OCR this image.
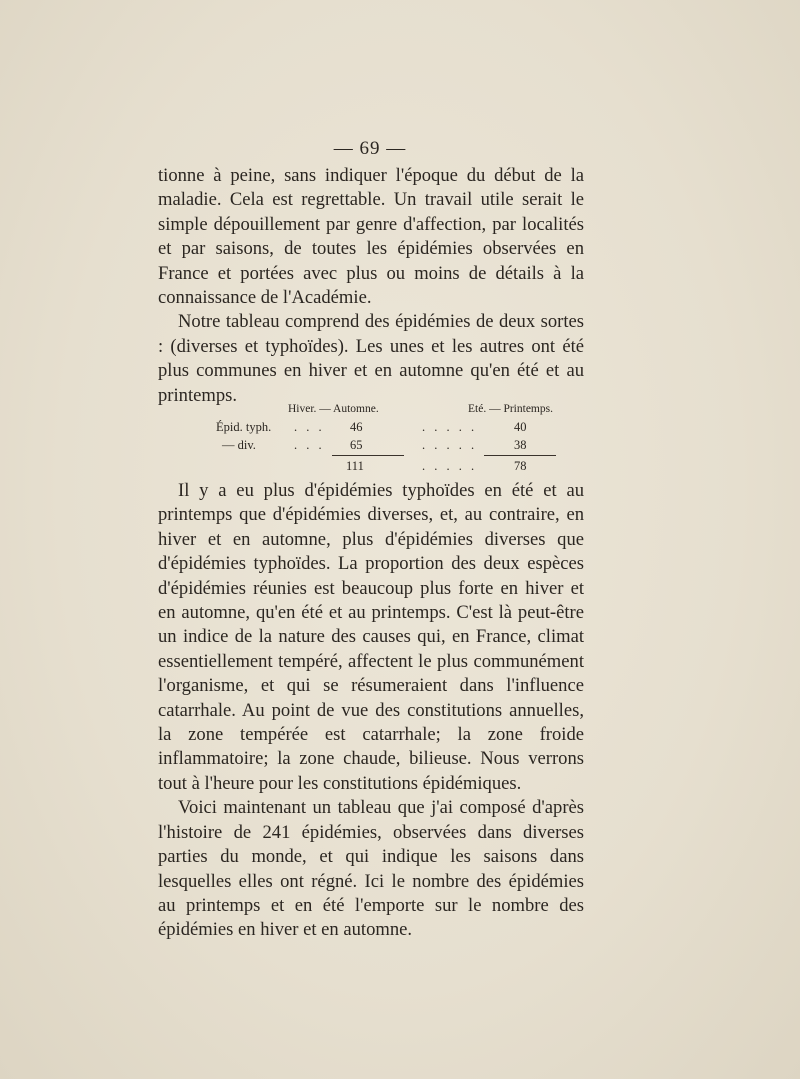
— 69 —

tionne à peine, sans indiquer l'époque du début de la maladie. Cela est regrettable. Un travail utile serait le simple dépouillement par genre d'affection, par localités et par saisons, de toutes les épidémies observées en France et portées avec plus ou moins de détails à la connaissance de l'Académie.

Notre tableau comprend des épidémies de deux sortes : (diverses et typhoïdes). Les unes et les autres ont été plus communes en hiver et en automne qu'en été et au printemps.

Hiver. — Automne.	Eté. — Printemps.
Épid. typh. . . . 46	. . . . .	40
— div.	. . . 65	. . . . .	38
111	. . . . .	78

Il y a eu plus d'épidémies typhoïdes en été et au printemps que d'épidémies diverses, et, au contraire, en hiver et en automne, plus d'épidémies diverses que d'épidémies typhoïdes. La proportion des deux espèces d'épidémies réunies est beaucoup plus forte en hiver et en automne, qu'en été et au printemps. C'est là peut-être un indice de la nature des causes qui, en France, climat essentiellement tempéré, affectent le plus communément l'organisme, et qui se résumeraient dans l'influence catarrhale. Au point de vue des constitutions annuelles, la zone tempérée est catarrhale; la zone froide inflammatoire; la zone chaude, bilieuse. Nous verrons tout à l'heure pour les constitutions épidémiques.

Voici maintenant un tableau que j'ai composé d'après l'histoire de 241 épidémies, observées dans diverses parties du monde, et qui indique les saisons dans lesquelles elles ont régné. Ici le nombre des épidémies au printemps et en été l'emporte sur le nombre des épidémies en hiver et en automne.
